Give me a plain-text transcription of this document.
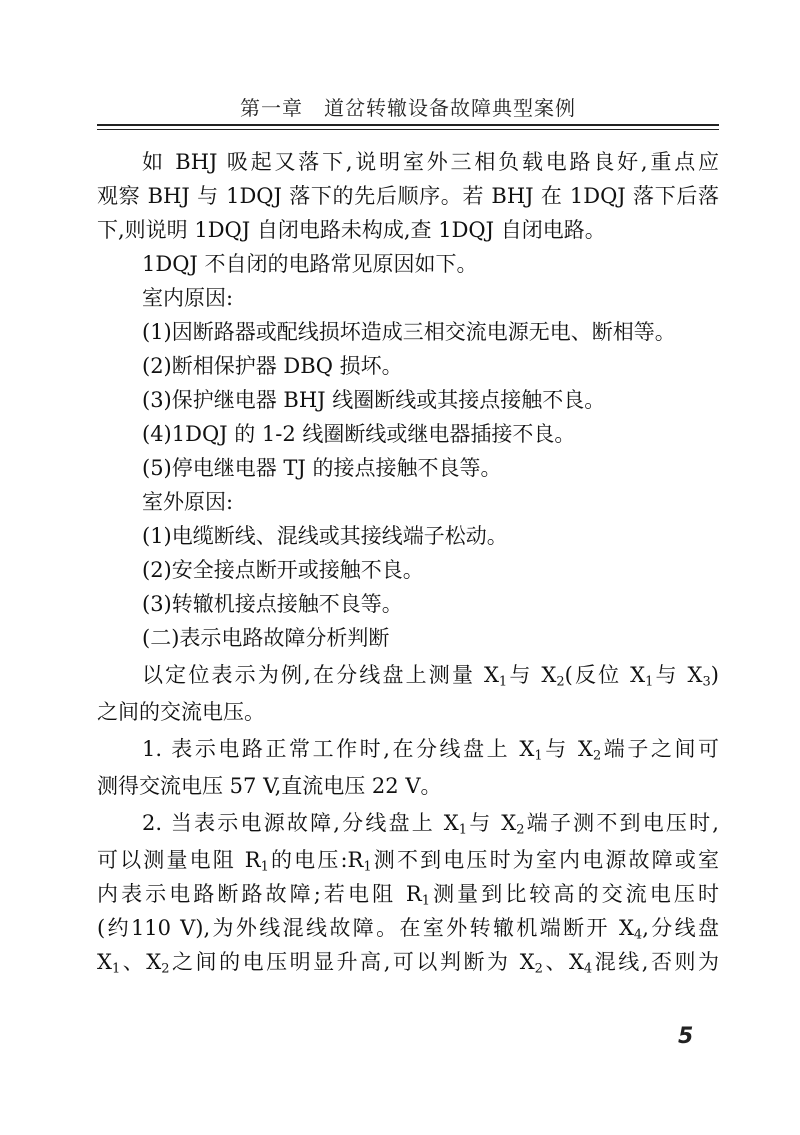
第一章　道岔转辙设备故障典型案例
如 BHJ 吸起又落下,说明室外三相负载电路良好,重点应
观察 BHJ 与 1DQJ 落下的先后顺序。若 BHJ 在 1DQJ 落下后落
下,则说明 1DQJ 自闭电路未构成,查 1DQJ 自闭电路。
1DQJ 不自闭的电路常见原因如下。
室内原因:
(1)因断路器或配线损坏造成三相交流电源无电、断相等。
(2)断相保护器 DBQ 损坏。
(3)保护继电器 BHJ 线圈断线或其接点接触不良。
(4)1DQJ 的 1-2 线圈断线或继电器插接不良。
(5)停电继电器 TJ 的接点接触不良等。
室外原因:
(1)电缆断线、混线或其接线端子松动。
(2)安全接点断开或接触不良。
(3)转辙机接点接触不良等。
(二)表示电路故障分析判断
以定位表示为例,在分线盘上测量 $X_1$与 $X_2$(反位 $X_1$与 $X_3$)
之间的交流电压。
1. 表示电路正常工作时,在分线盘上 $X_1$与 $X_2$端子之间可
测得交流电压 57 V,直流电压 22 V。
2. 当表示电源故障,分线盘上 $X_1$与 $X_2$端子测不到电压时,
可以测量电阻 $R_1$的电压$:R_1$测不到电压时为室内电源故障或室
内表示电路断路故障;若电阻 $R_1$测量到比较高的交流电压时
(约110 V),为外线混线故障。在室外转辙机端断开 $X_4$,分线盘
$X_1$、$X_2$之间的电压明显升高,可以判断为 $X_2$、$X_4$混线,否则为
5
